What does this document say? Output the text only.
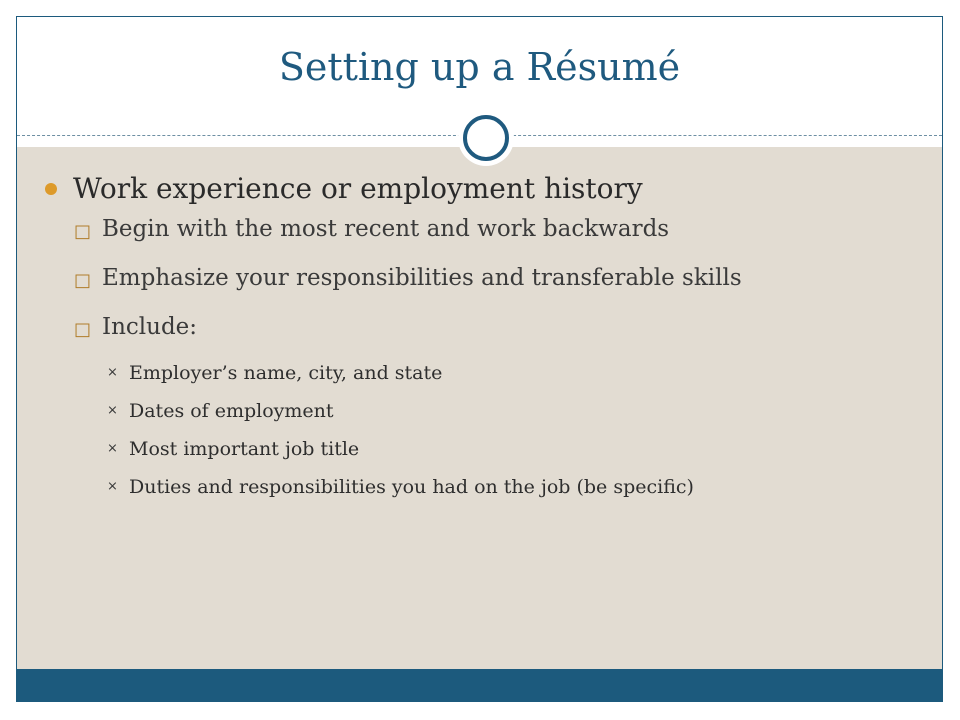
Setting up a Résumé
Work experience or employment history
□ Begin with the most recent and work backwards
□ Emphasize your responsibilities and transferable skills
□ Include:
⨯ Employer’s name, city, and state
⨯ Dates of employment
⨯ Most important job title
⨯ Duties and responsibilities you had on the job (be specific)
